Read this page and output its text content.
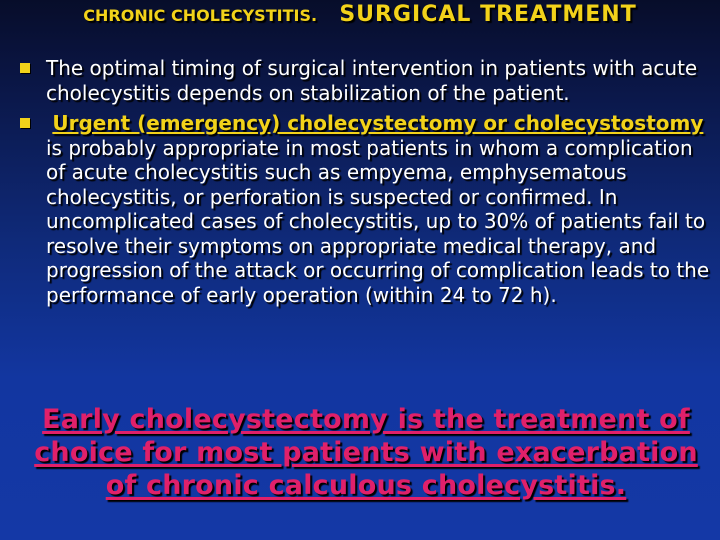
CHRONIC CHOLECYSTITIS. SURGICAL TREATMENT
The optimal timing of surgical intervention in patients with acute cholecystitis depends on stabilization of the patient.
Urgent (emergency) cholecystectomy or cholecystostomy is probably appropriate in most patients in whom a complication of acute cholecystitis such as empyema, emphysematous cholecystitis, or perforation is suspected or confirmed. In uncomplicated cases of cholecystitis, up to 30% of patients fail to resolve their symptoms on appropriate medical therapy, and progression of the attack or occurring of complication leads to the performance of early operation (within 24 to 72 h).
Early cholecystectomy is the treatment of choice for most patients with exacerbation of chronic calculous cholecystitis.
